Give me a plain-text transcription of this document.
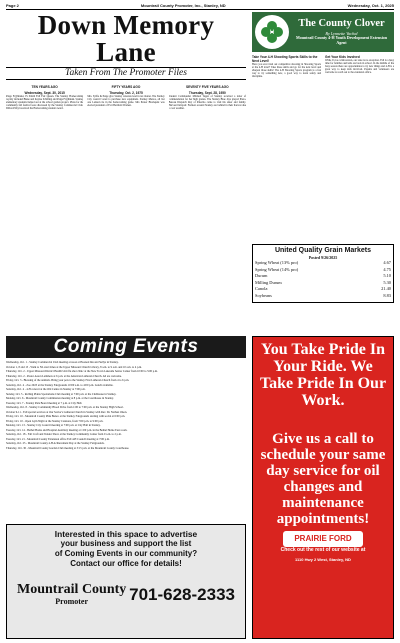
Page 2	Mountrail County Promoter, Inc., Stanley, ND	Wednesday, Oct. 1, 2025
Down Memory Lane
Taken From The Promoter Files
TEN YEARS AGO
Wednesday, Sept. 30, 2015

Paige Fryjhinski, IS Smith Fall Fair Queen. The Stanley Homecoming royalty included Blake and Kaylee Schilling and Paige Fryjhinski. Stanley elementary students helped out at the school garden project. Plans for the community fall festival were discussed by the Stanley Commercial Club. Dillon Pribyl received the Homecoming student award.

FIFTY YEARS AGO
Thursday, Oct. 2, 1975

Mrs. Sylfie & Paige give Stanley veterans lead in tax matter. The Stanley City council voted to purchase new equipment. Stanley Metros, all but one Lantern tie in the homecoming game. Mrs Paxter Blomquist was elected president of Fort Berthold Women.

SEVENTY FIVE YEARS AGO
Thursday, Sept. 28, 1950

Student Commander Mildred Tegen of Stanley received a letter of commendation for her high grades. The Stanley Blue Jays played Plaza. Bureau Dispatch Ray of Palermo came to visit his sister and family. Harvest Delayed: Farmers around Stanley are behind in their harvest due to wet weather.

H
The County Clover
By Lynnette Vachal
Mountrail County 4-H Youth Development Extension Agent
Take Your 4-H Shooting Sports Skills to the Next Level!

Have you ever tried out competitive shooting in Shooting Sports at the 4-H level? Take those skills and go for the next level and sharpen those skills! The 4-H Shooting Sports program is a fun way to try something new, a good way to learn safety and discipline.

Get Your Kids Involved

While I love collaboration, our state is no exception. Fall is a busy time for families and kids are back in school. In the middle of the busy season there are opportunities to try new things and 4-H is a great way to keep kids involved. Parents and volunteers are welcome to reach out to the extension office.

United Quality Grain Markets
Posted 9/26/2025
Spring Wheat (13% pro)	4.67
Spring Wheat (14% pro)	4.75
Durum	5.10
Milling Durum	5.30
Canola	21.40
Soybeans	8.83
Coming Events

Wednesday, Oct. 1 - Stanley Commercial Club meeting at noon at Hooked Inn and Sullys in Stanley.

October 1, 8 and 15 - Walk to NL start times at the Upper Missouri Church Library, 8 a.m. to 9 a.m. and 10 a.m. to 4 p.m.

Thursday, Oct. 2 - Upper Missouri District Health Unit flu shot clinic at the New Town Lakeside Senior Center from 10:00 to 5:00 p.m.

Thursday, Oct. 2 - Pastor Aaron Lammers at 6 p.m. at the American Lutheran Church. All are welcome.

Friday, Oct. 3 - Blessing of the animals. Bring your pets to the Stanley First Lutheran Church from 4 to 6 p.m.

Saturday, Oct. 4 - Zoo 2025 at the Stanley Fairgrounds 10:00 a.m. to 4:00 p.m. Lunch available.

Saturday, Oct. 4 - 4-H concert at the Old Centre in Stanley at 7:00 p.m.

Sunday, Oct. 5 - Rolling Plains Sportsmans Club meeting at 7:00 p.m. at the Clubhouse in Stanley.

Monday, Oct. 6 - Mountrail County Commission meeting at 8 p.m. at the Courthouse in Stanley.

Tuesday, Oct. 7 - Stanley Park Board meeting at 7 p.m. at City Hall.

Wednesday, Oct. 8 - Stanley Community Blood Drive from 1:00 to 7:00 p.m. at the Stanley High School.

October 9-11 - Fall special services at Our Savior's Lutheran Church in Stanley with Rev. Dr. Nathan Olson.

Friday, Oct. 10 - Mountrail County Pink Bunco at the Stanley Fairgrounds starting with social at 6:00 p.m.

Friday, Oct. 10 - Open Gym Night at the Stanley Cannons, from 7:00 p.m. to 9:00 p.m.

Monday, Oct. 13 - Stanley City Council meeting at 7:00 p.m. at City Hall in Stanley.

Tuesday, Oct. 14 - Bethel Home and Hospital Auxiliary meeting at 1:00 p.m. in the Bethel Home East room.

Saturday, Oct. 18 - Fall Craft and Vendor Show at the Stanley Community Center from 9 a.m. to 2 p.m.

Tuesday, Oct. 21 - Mountrail County Extension office Fall 4-H Council meeting at 7:00 p.m.

Saturday, Oct. 25 - Mountrail County 4-H Achievement Day at the Stanley Fairgrounds.

Thursday, Oct. 30 - Mountrail County Garden Club meeting at 3:15 p.m. at the Mountrail County Courthouse.

Interested in this space to advertise
your business and support the list
of Coming Events in our community?
Contact our office for details!
Mountrail County
Promoter	701-628-2333
You Take Pride In Your Ride. We Take Pride In Our Work.
Give us a call to schedule your same day service for oil changes and maintenance appointments!
PRAIRIE FORD
Check out the rest of our website at
1110 Hwy 2 West, Stanley, ND
